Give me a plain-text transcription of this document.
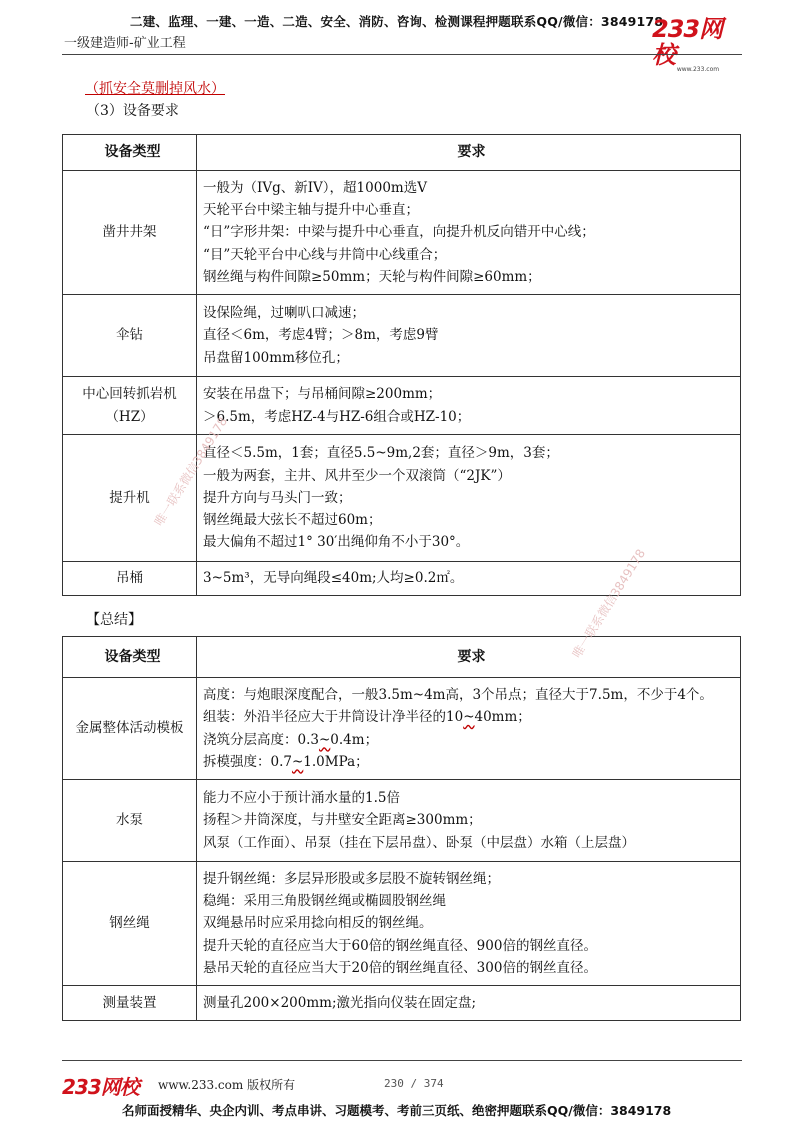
二建、监理、一建、一造、二造、安全、消防、咨询、检测课程押题联系QQ/微信：3849178
一级建造师-矿业工程
233网校
www.233.com
（抓安全莫删掉风水）
（3）设备要求
设备类型	要求
凿井井架	一般为（IVg、新IV），超1000m选V
天轮平台中梁主轴与提升中心垂直；
“日”字形井架：中梁与提升中心垂直，向提升机反向错开中心线；
“目”天轮平台中心线与井筒中心线重合；
钢丝绳与构件间隙≥50mm；天轮与构件间隙≥60mm；

伞钻	设保险绳，过喇叭口减速；
直径＜6m，考虑4臂；＞8m，考虑9臂
吊盘留100mm移位孔；

中心回转抓岩机（HZ）	安装在吊盘下；与吊桶间隙≥200mm；
＞6.5m，考虑HZ-4与HZ-6组合或HZ-10；

提升机	直径＜5.5m，1套；直径5.5~9m,2套；直径＞9m，3套；
一般为两套，主井、风井至少一个双滚筒（“2JK”）
提升方向与马头门一致；
钢丝绳最大弦长不超过60m；
最大偏角不超过1° 30′出绳仰角不小于30°。

吊桶	3~5m³，无导向绳段≤40m;人均≥0.2㎡。
【总结】
设备类型	要求
金属整体活动模板	高度：与炮眼深度配合，一般3.5m~4m高，3个吊点；直径大于7.5m，不少于4个。
组装：外沿半径应大于井筒设计净半径的10~40mm；
浇筑分层高度：0.3~0.4m；
拆模强度：0.7~1.0MPa；

水泵	能力不应小于预计涌水量的1.5倍
扬程＞井筒深度，与井壁安全距离≥300mm；
风泵（工作面）、吊泵（挂在下层吊盘）、卧泵（中层盘）水箱（上层盘）

钢丝绳	提升钢丝绳：多层异形股或多层股不旋转钢丝绳；
稳绳：采用三角股钢丝绳或椭圆股钢丝绳
双绳悬吊时应采用捻向相反的钢丝绳。
提升天轮的直径应当大于60倍的钢丝绳直径、900倍的钢丝直径。
悬吊天轮的直径应当大于20倍的钢丝绳直径、300倍的钢丝直径。

测量装置	测量孔200×200mm;激光指向仪装在固定盘;
唯一联系微信3849178
唯一联系微信3849178
233网校 www.233.com 版权所有	230 / 374
名师面授精华、央企内训、考点串讲、习题模考、考前三页纸、绝密押题联系QQ/微信：3849178
